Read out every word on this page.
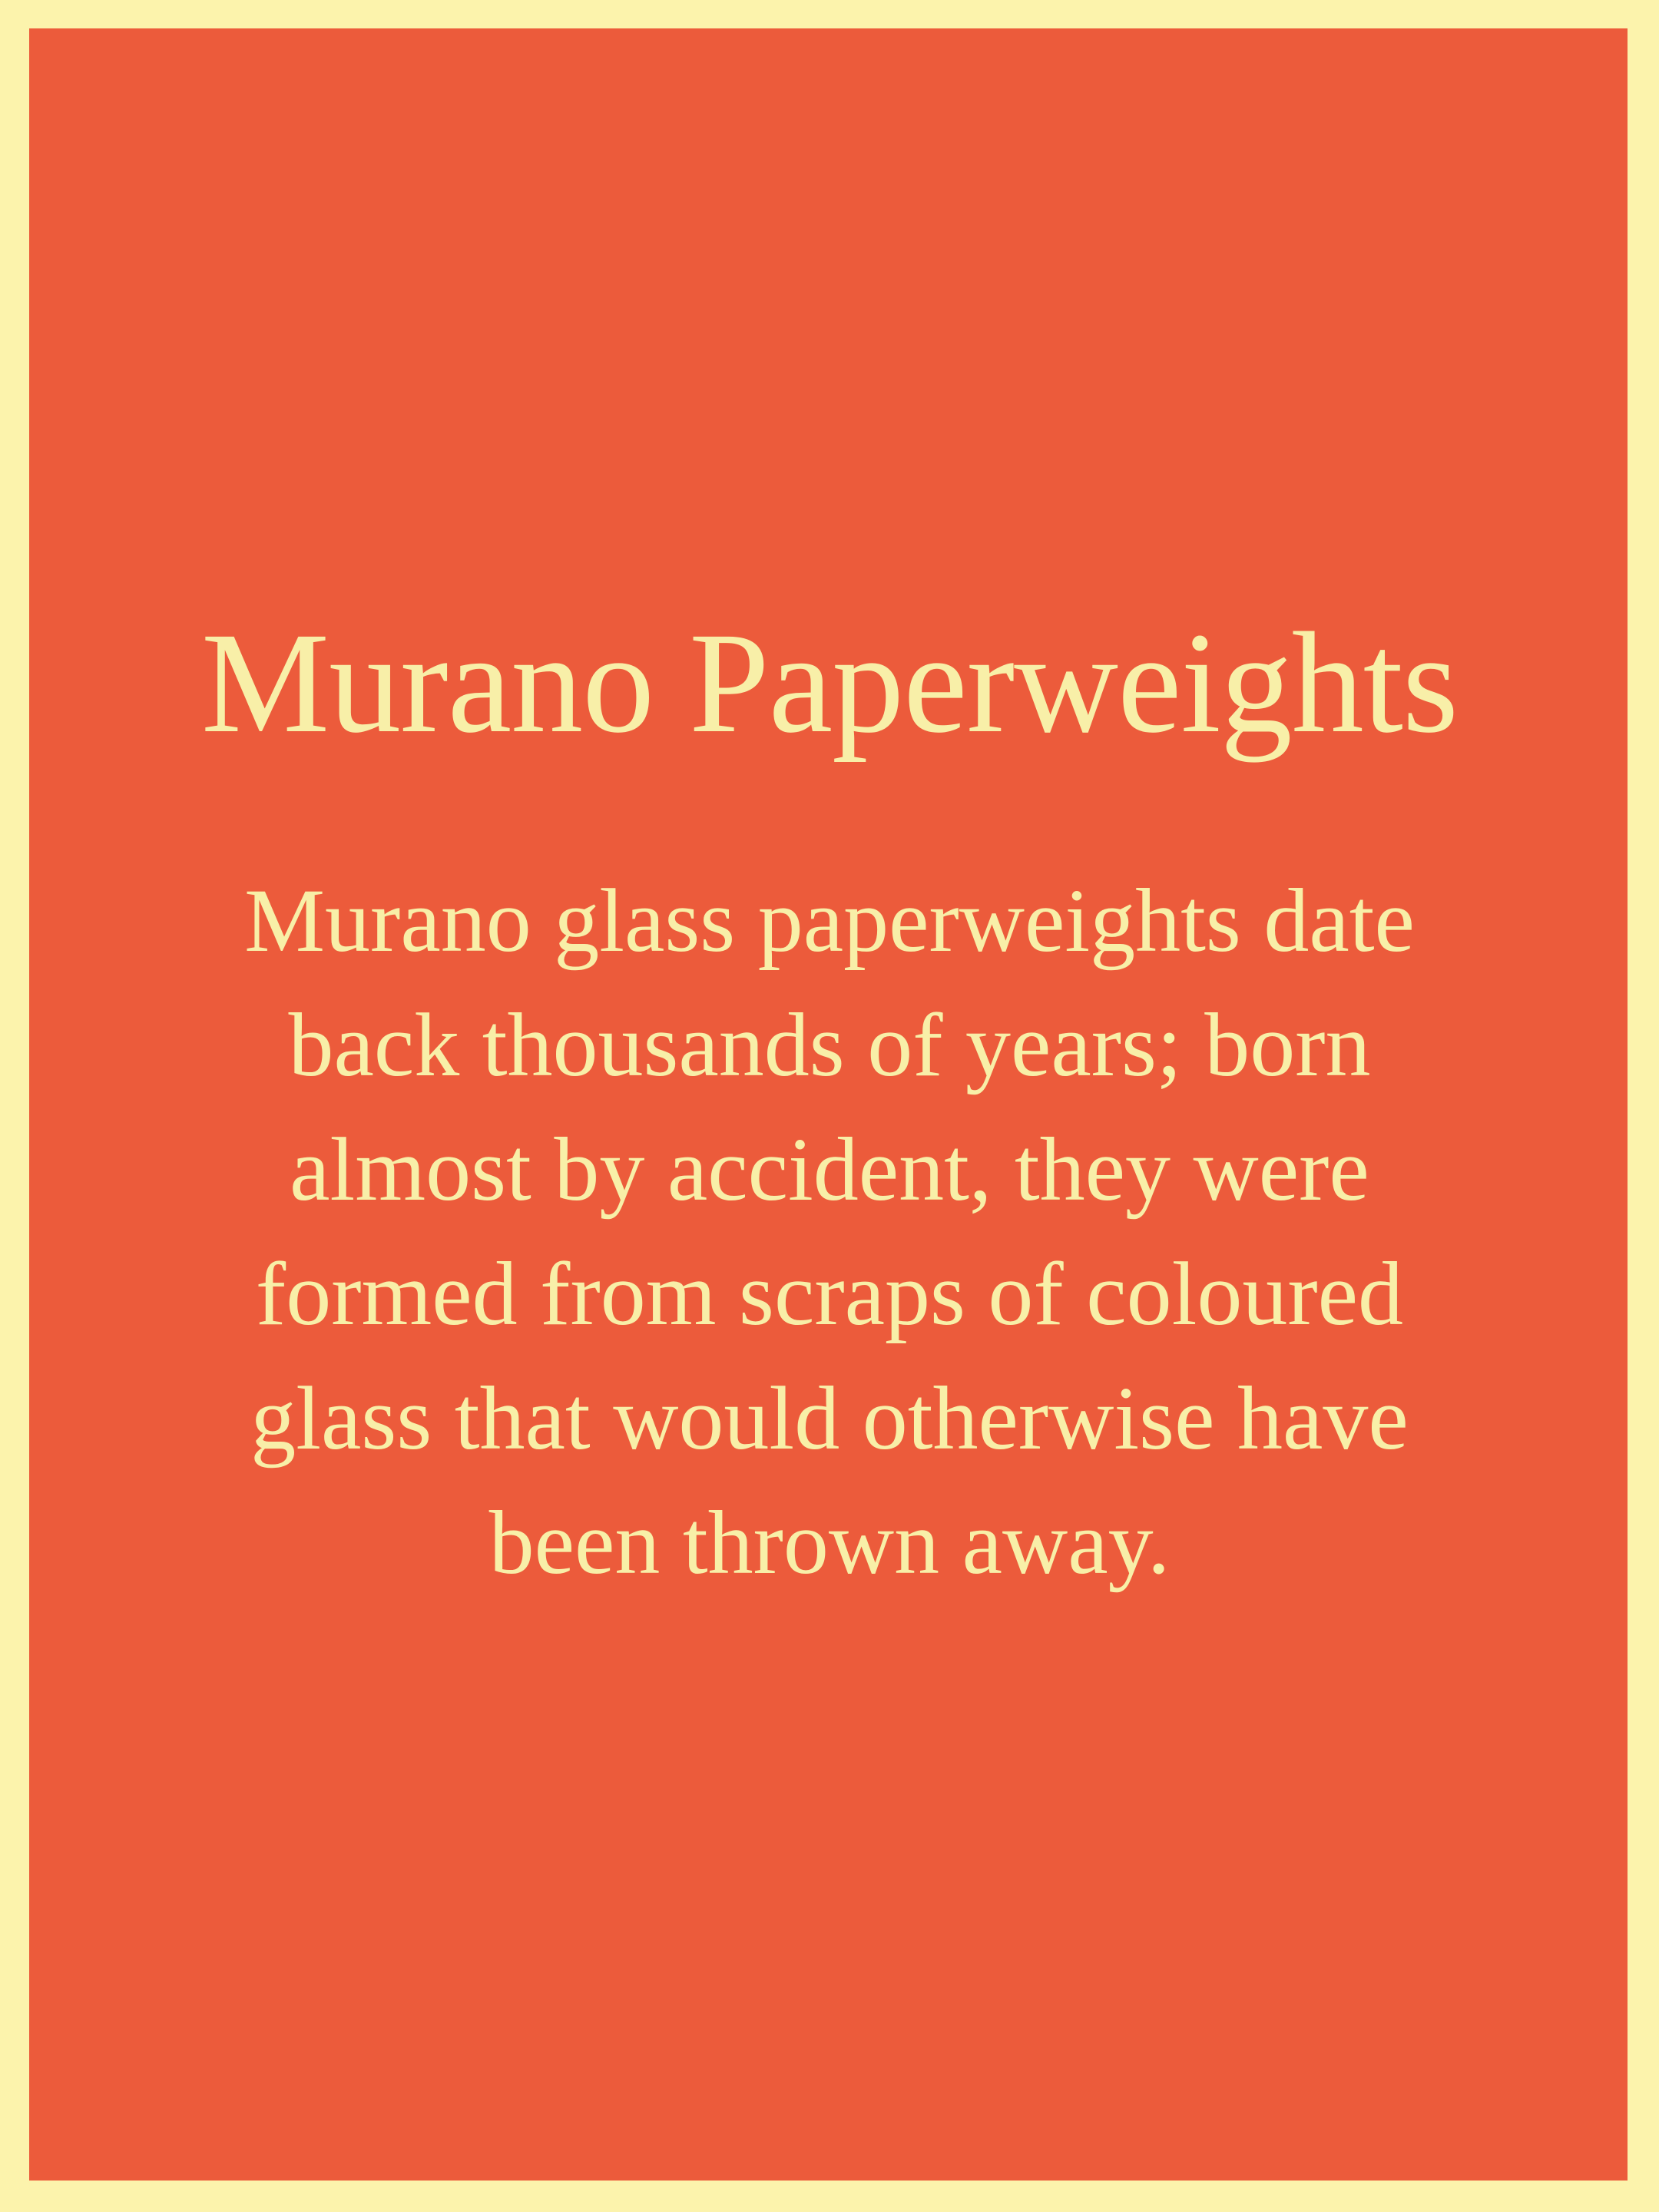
Murano Paperweights
Murano glass paperweights date
back thousands of years; born
almost by accident, they were
formed from scraps of coloured
glass that would otherwise have
been thrown away.
